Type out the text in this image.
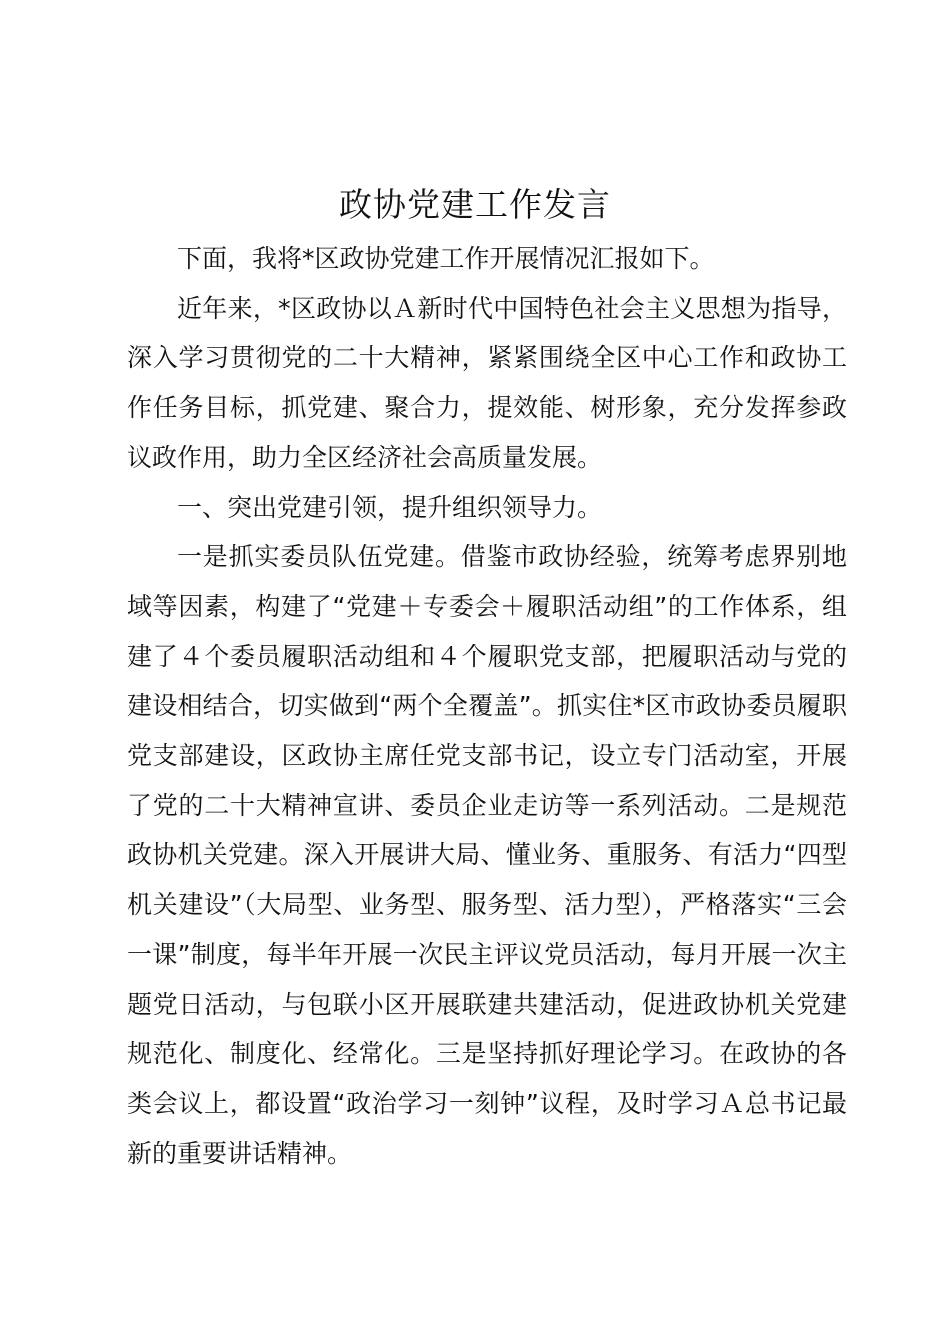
政协党建工作发言

下面，我将*区政协党建工作开展情况汇报如下。

近年来，*区政协以Ａ新时代中国特色社会主义思想为指导，深入学习贯彻党的二十大精神，紧紧围绕全区中心工作和政协工作任务目标，抓党建、聚合力，提效能、树形象，充分发挥参政议政作用，助力全区经济社会高质量发展。

一、突出党建引领，提升组织领导力。

一是抓实委员队伍党建。借鉴市政协经验，统筹考虑界别地域等因素，构建了“党建＋专委会＋履职活动组”的工作体系，组建了４个委员履职活动组和４个履职党支部，把履职活动与党的建设相结合，切实做到“两个全覆盖”。抓实住*区市政协委员履职党支部建设，区政协主席任党支部书记，设立专门活动室，开展了党的二十大精神宣讲、委员企业走访等一系列活动。二是规范政协机关党建。深入开展讲大局、懂业务、重服务、有活力“四型机关建设”（大局型、业务型、服务型、活力型），严格落实“三会一课”制度，每半年开展一次民主评议党员活动，每月开展一次主题党日活动，与包联小区开展联建共建活动，促进政协机关党建规范化、制度化、经常化。三是坚持抓好理论学习。在政协的各类会议上，都设置“政治学习一刻钟”议程，及时学习Ａ总书记最新的重要讲话精神。
